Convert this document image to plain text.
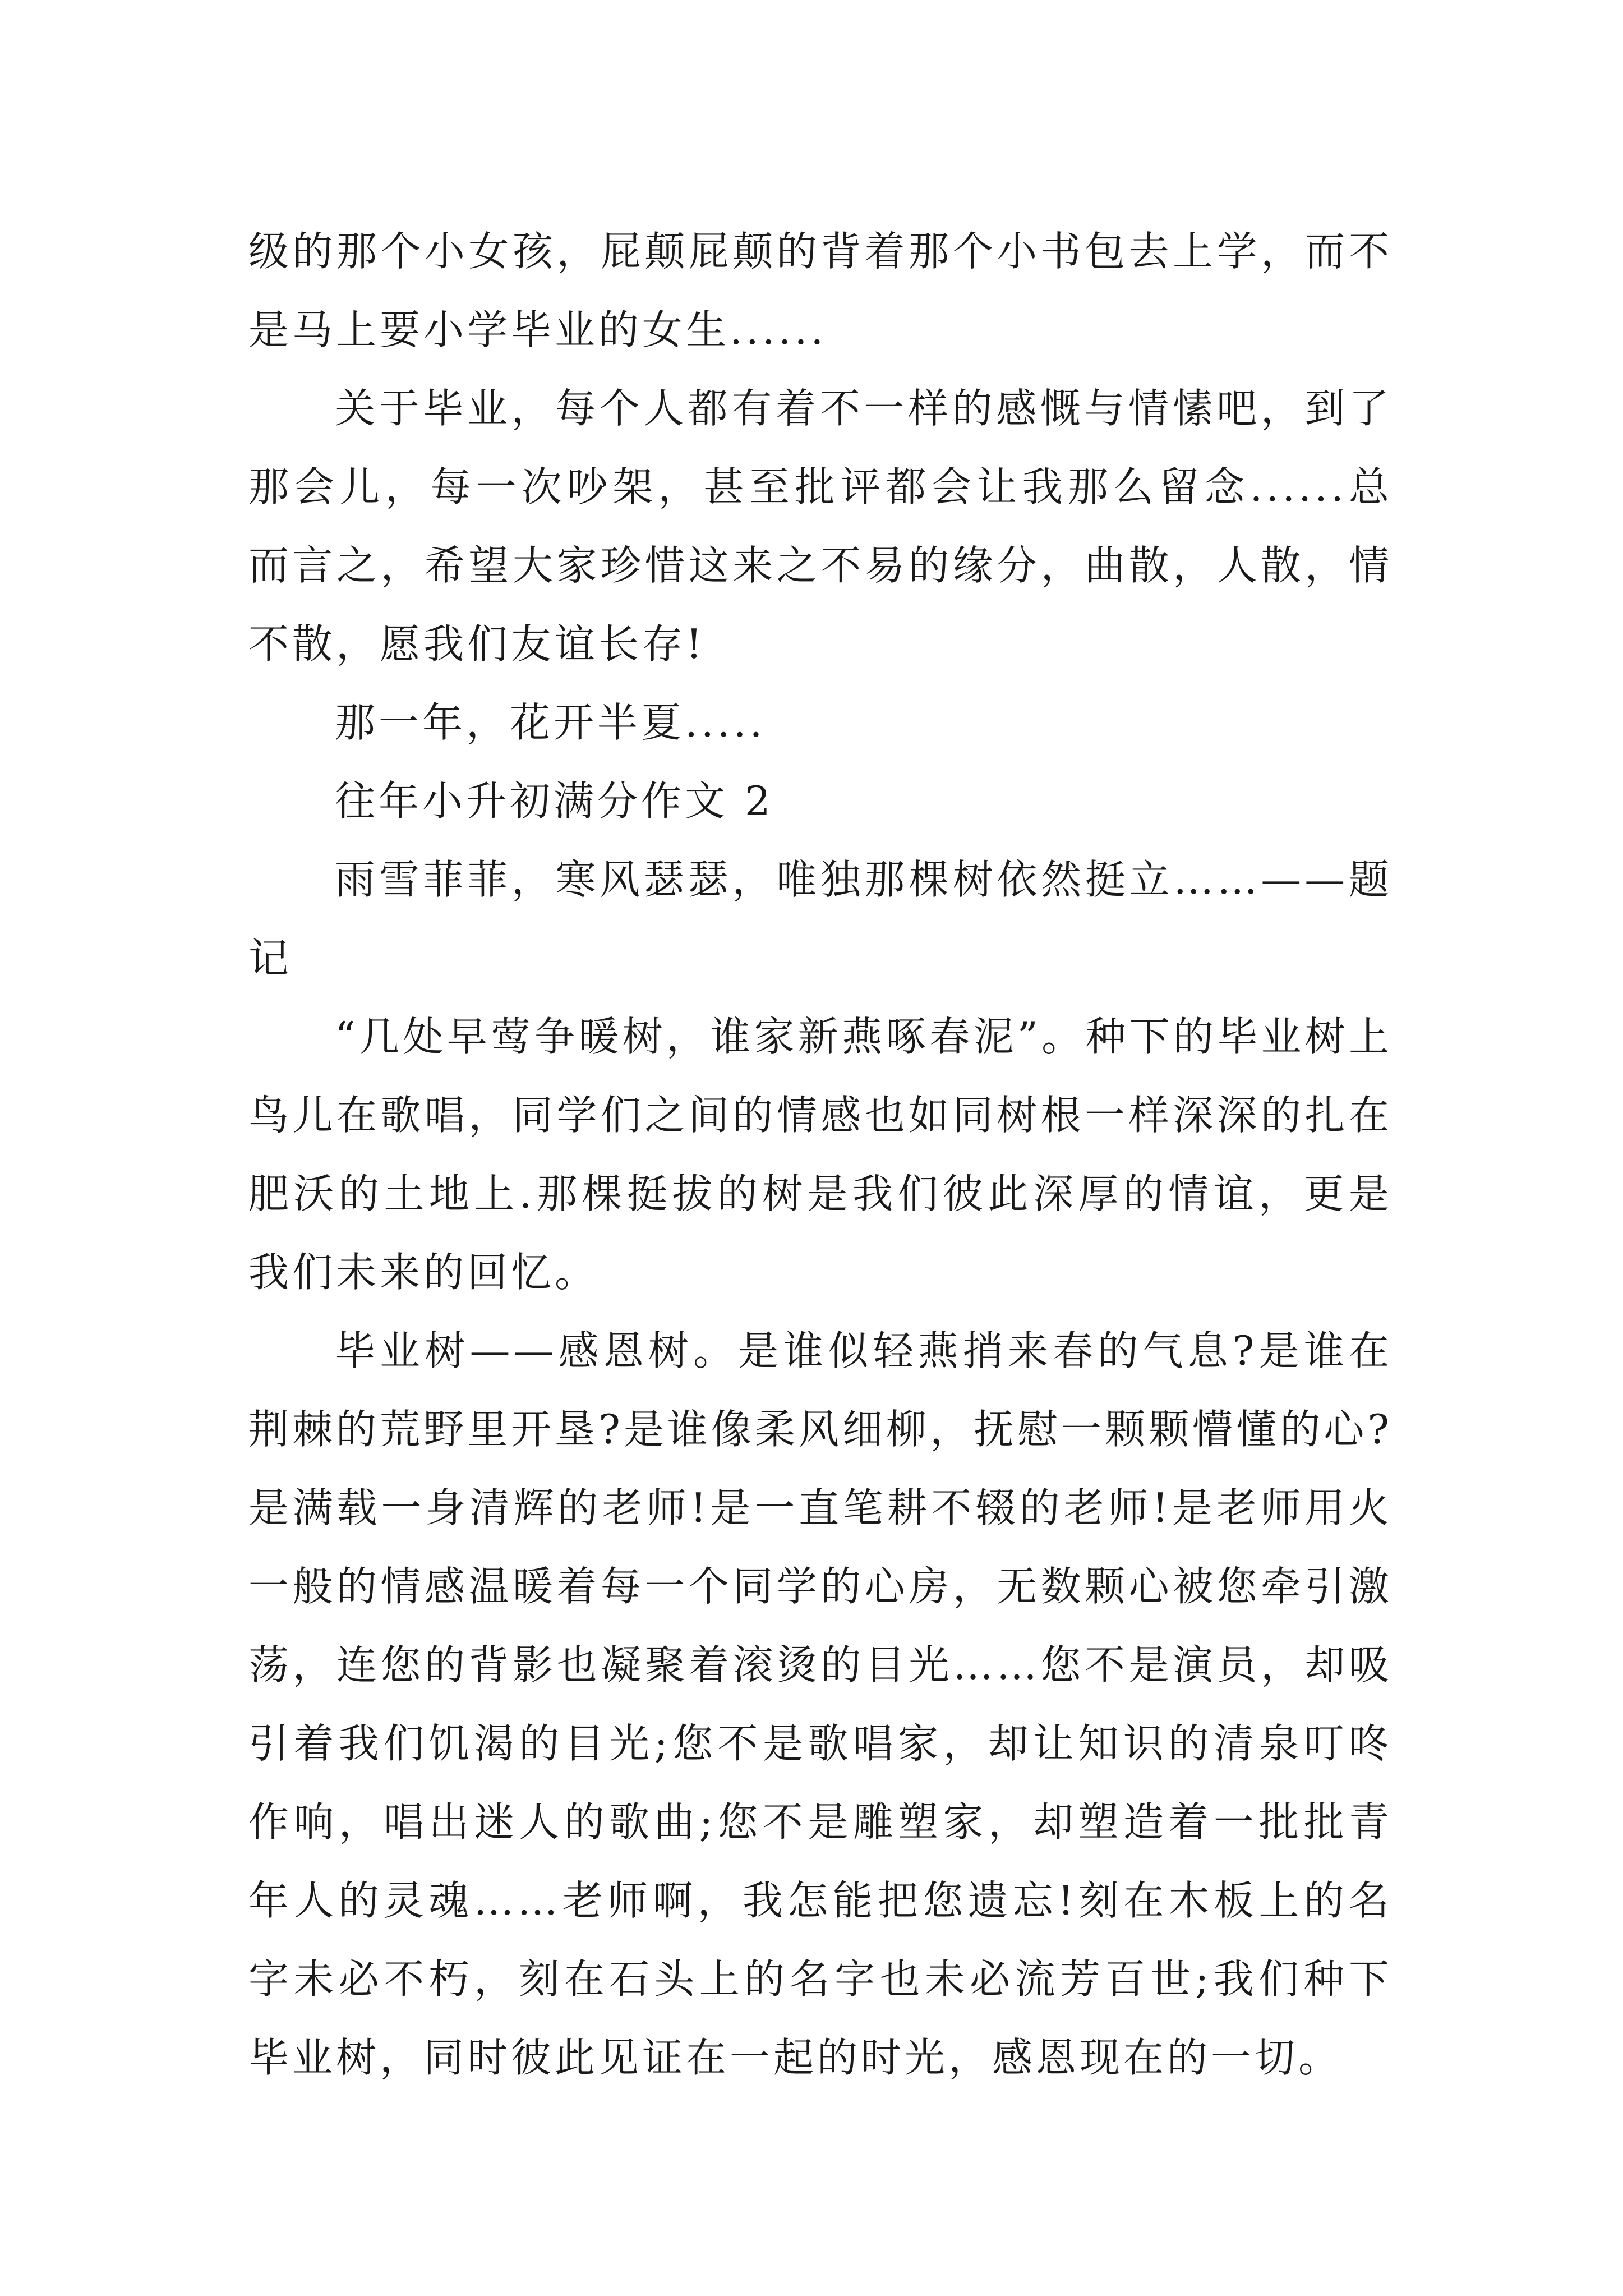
级的那个小女孩，屁颠屁颠的背着那个小书包去上学，而不是马上要小学毕业的女生......

关于毕业，每个人都有着不一样的感慨与情愫吧，到了那会儿，每一次吵架，甚至批评都会让我那么留念......总而言之，希望大家珍惜这来之不易的缘分，曲散，人散，情不散，愿我们友谊长存!

那一年，花开半夏.....

往年小升初满分作文 2

雨雪菲菲，寒风瑟瑟，唯独那棵树依然挺立……——题记

“几处早莺争暖树，谁家新燕啄春泥”。种下的毕业树上鸟儿在歌唱，同学们之间的情感也如同树根一样深深的扎在肥沃的土地上.那棵挺拔的树是我们彼此深厚的情谊，更是我们未来的回忆。

毕业树——感恩树。是谁似轻燕捎来春的气息?是谁在荆棘的荒野里开垦?是谁像柔风细柳，抚慰一颗颗懵懂的心?是满载一身清辉的老师!是一直笔耕不辍的老师!是老师用火一般的情感温暖着每一个同学的心房，无数颗心被您牵引激荡，连您的背影也凝聚着滚烫的目光……您不是演员，却吸引着我们饥渴的目光;您不是歌唱家，却让知识的清泉叮咚作响，唱出迷人的歌曲;您不是雕塑家，却塑造着一批批青年人的灵魂……老师啊，我怎能把您遗忘!刻在木板上的名字未必不朽，刻在石头上的名字也未必流芳百世;我们种下毕业树，同时彼此见证在一起的时光，感恩现在的一切。
